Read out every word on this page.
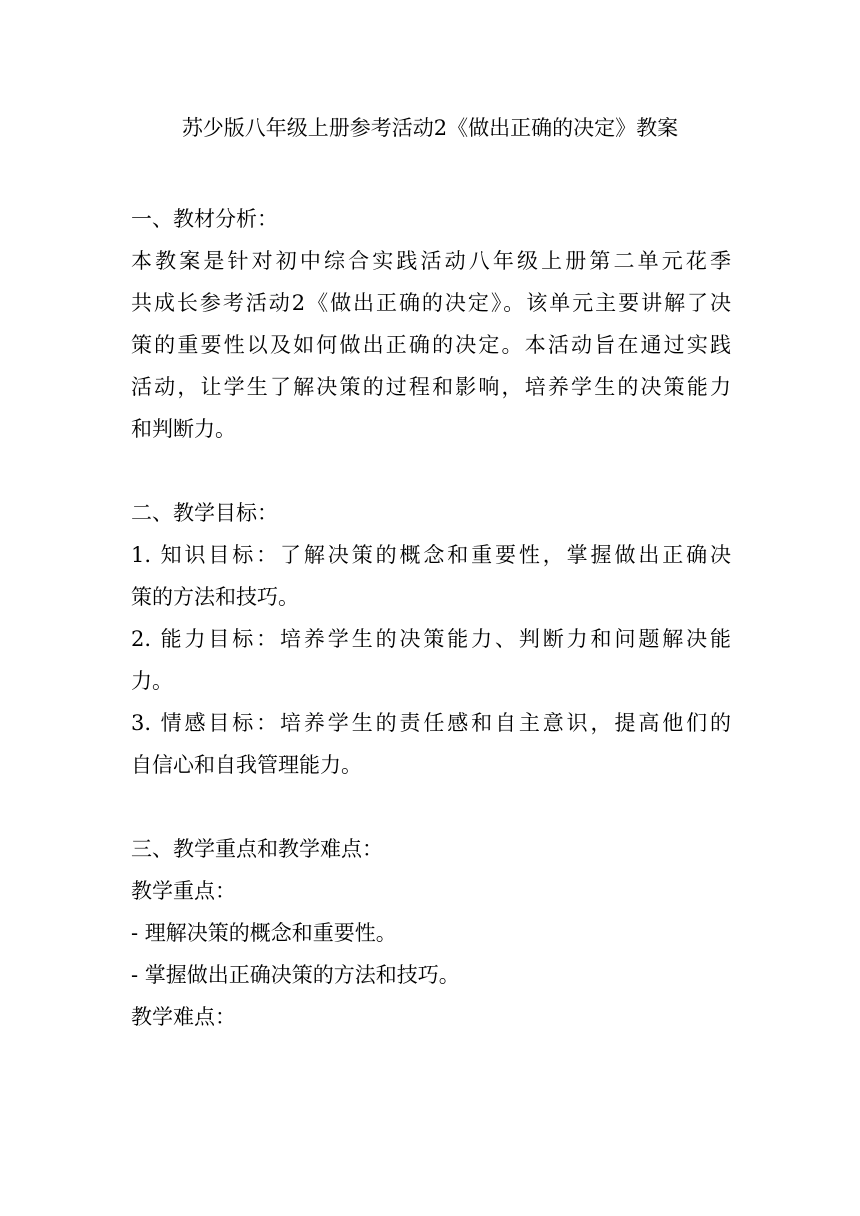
苏少版八年级上册参考活动2《做出正确的决定》教案
一、教材分析：
本教案是针对初中综合实践活动八年级上册第二单元花季
共成长参考活动2《做出正确的决定》。该单元主要讲解了决
策的重要性以及如何做出正确的决定。本活动旨在通过实践
活动，让学生了解决策的过程和影响，培养学生的决策能力
和判断力。
二、教学目标：
1. 知识目标：了解决策的概念和重要性，掌握做出正确决
策的方法和技巧。
2. 能力目标：培养学生的决策能力、判断力和问题解决能
力。
3. 情感目标：培养学生的责任感和自主意识，提高他们的
自信心和自我管理能力。
三、教学重点和教学难点：
教学重点：
- 理解决策的概念和重要性。
- 掌握做出正确决策的方法和技巧。
教学难点：
